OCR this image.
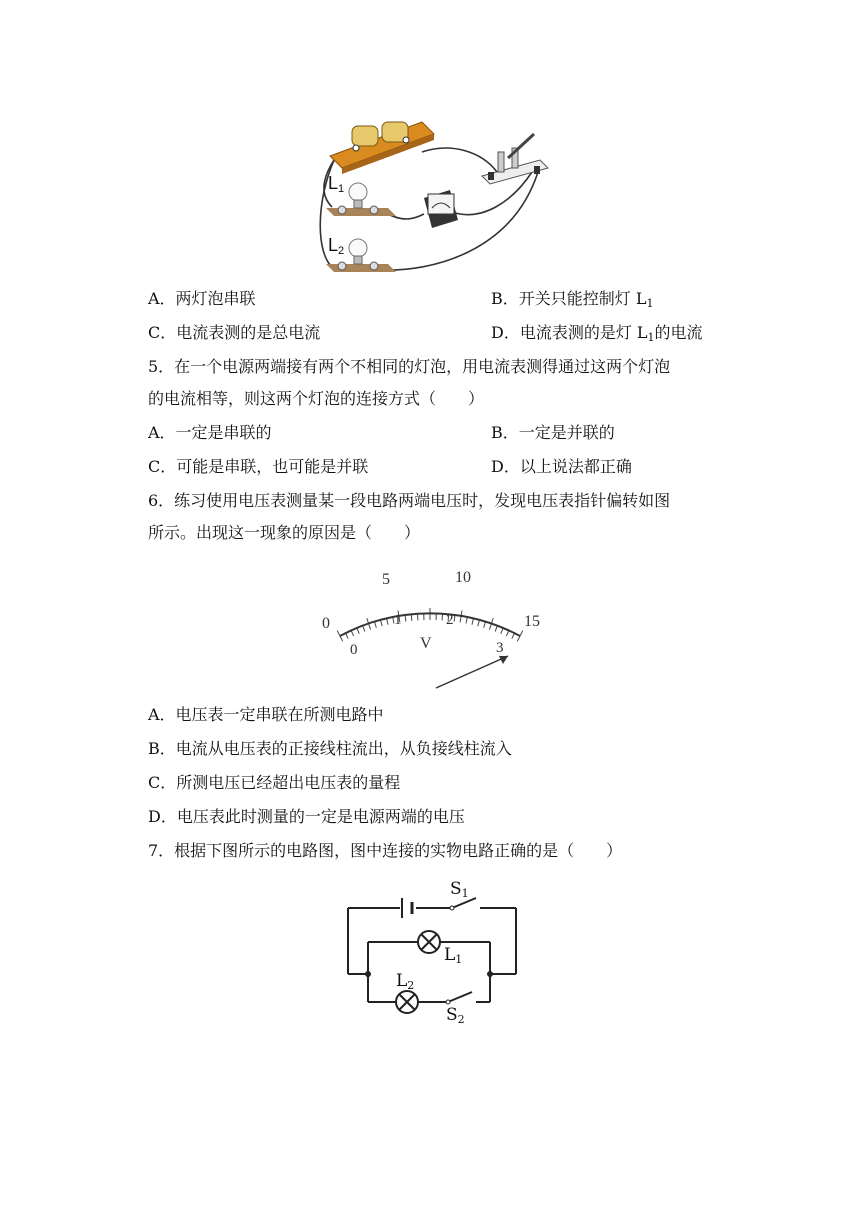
$L_1$
$L_2$
A．两灯泡串联	B．开关只能控制灯 $L_1$
C．电流表测的是总电流	D．电流表测的是灯 $L_1$的电流
5．在一个电源两端接有两个不相同的灯泡，用电流表测得通过这两个灯泡
的电流相等，则这两个灯泡的连接方式（　　）
A．一定是串联的	B．一定是并联的
C．可能是串联，也可能是并联	D．以上说法都正确
6．练习使用电压表测量某一段电路两端电压时，发现电压表指针偏转如图
所示。出现这一现象的原因是（　　）
0
5	10
15
0
1	2
3
V
A．电压表一定串联在所测电路中
B．电流从电压表的正接线柱流出，从负接线柱流入
C．所测电压已经超出电压表的量程
D．电压表此时测量的一定是电源两端的电压
7．根据下图所示的电路图，图中连接的实物电路正确的是（　　）
$S_1$
$L_1$
$L_2$
$S_2$
